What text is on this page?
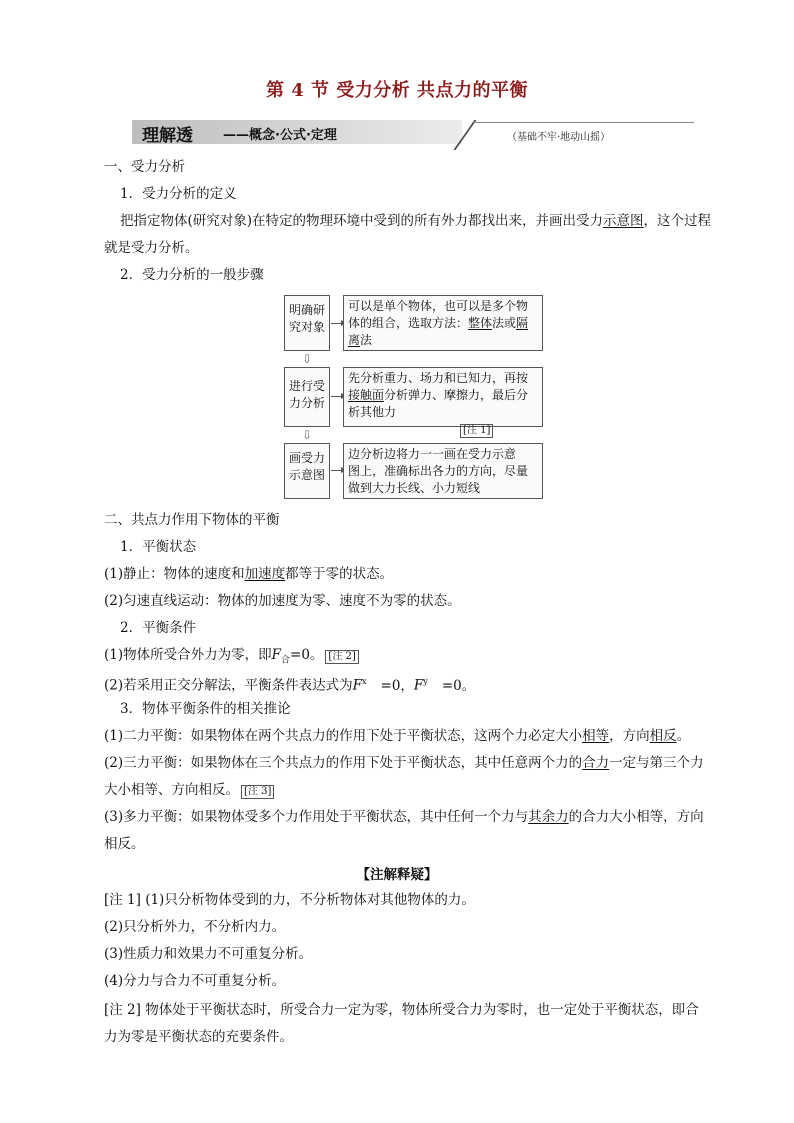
第 4 节 受力分析 共点力的平衡
理解透 ——概念·公式·定理	（基础不牢·地动山摇）
一、受力分析
1．受力分析的定义
把指定物体(研究对象)在特定的物理环境中受到的所有外力都找出来，并画出受力示意图，这个过程
就是受力分析。
2．受力分析的一般步骤
明确研
究对象
可以是单个物体，也可以是多个物
体的组合，选取方法：整体法或隔
离法
⇩
进行受
力分析
先分析重力、场力和已知力，再按
接触面分析弹力、摩擦力，最后分
析其他力[注 1]
⇩
画受力
示意图
边分析边将力一一画在受力示意
图上，准确标出各力的方向，尽量
做到大力长线、小力短线
二、共点力作用下物体的平衡
1．平衡状态
(1)静止：物体的速度和加速度都等于零的状态。
(2)匀速直线运动：物体的加速度为零、速度不为零的状态。
2．平衡条件
(1)物体所受合外力为零，即$F_合=0$。 [注 2]
(2)若采用正交分解法，平衡条件表达式为$F^x =0$，$F^y =0$。
3．物体平衡条件的相关推论
(1)二力平衡：如果物体在两个共点力的作用下处于平衡状态，这两个力必定大小相等，方向相反。
(2)三力平衡：如果物体在三个共点力的作用下处于平衡状态，其中任意两个力的合力一定与第三个力
大小相等、方向相反。 [注 3]
(3)多力平衡：如果物体受多个力作用处于平衡状态，其中任何一个力与其余力的合力大小相等，方向
相反。
【注解释疑】
[注 1] (1)只分析物体受到的力，不分析物体对其他物体的力。
(2)只分析外力，不分析内力。
(3)性质力和效果力不可重复分析。
(4)分力与合力不可重复分析。
[注 2] 物体处于平衡状态时，所受合力一定为零，物体所受合力为零时，也一定处于平衡状态，即合
力为零是平衡状态的充要条件。
